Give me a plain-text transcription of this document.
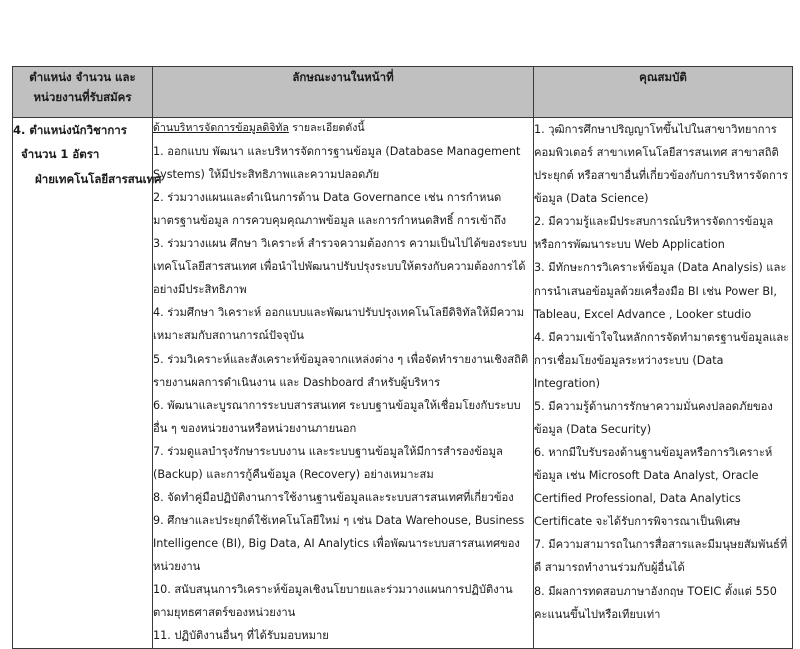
ตำแหน่ง จำนวน และ
หน่วยงานที่รับสมัคร	ลักษณะงานในหน้าที่	คุณสมบัติ

4. ตำแหน่งนักวิชาการ
จำนวน 1 อัตรา
ฝ่ายเทคโนโลยีสารสนเทศ

ด้านบริหารจัดการข้อมูลดิจิทัล รายละเอียดดังนี้
1. ออกแบบ พัฒนา และบริหารจัดการฐานข้อมูล (Database Management Systems) ให้มีประสิทธิภาพและความปลอดภัย
2. ร่วมวางแผนและดำเนินการด้าน Data Governance เช่น การกำหนดมาตรฐานข้อมูล การควบคุมคุณภาพข้อมูล และการกำหนดสิทธิ์ การเข้าถึง
3. ร่วมวางแผน ศึกษา วิเคราะห์ สำรวจความต้องการ ความเป็นไปได้ของระบบเทคโนโลยีสารสนเทศ เพื่อนำไปพัฒนาปรับปรุงระบบให้ตรงกับความต้องการได้อย่างมีประสิทธิภาพ
4. ร่วมศึกษา วิเคราะห์ ออกแบบและพัฒนาปรับปรุงเทคโนโลยีดิจิทัลให้มีความเหมาะสมกับสถานการณ์ปัจจุบัน
5. ร่วมวิเคราะห์และสังเคราะห์ข้อมูลจากแหล่งต่าง ๆ เพื่อจัดทำรายงานเชิงสถิติ รายงานผลการดำเนินงาน และ Dashboard สำหรับผู้บริหาร
6. พัฒนาและบูรณาการระบบสารสนเทศ ระบบฐานข้อมูลให้เชื่อมโยงกับระบบอื่น ๆ ของหน่วยงานหรือหน่วยงานภายนอก
7. ร่วมดูแลบำรุงรักษาระบบงาน และระบบฐานข้อมูลให้มีการสำรองข้อมูล (Backup) และการกู้คืนข้อมูล (Recovery) อย่างเหมาะสม
8. จัดทำคู่มือปฏิบัติงานการใช้งานฐานข้อมูลและระบบสารสนเทศที่เกี่ยวข้อง
9. ศึกษาและประยุกต์ใช้เทคโนโลยีใหม่ ๆ เช่น Data Warehouse, Business Intelligence (BI), Big Data, AI Analytics เพื่อพัฒนาระบบสารสนเทศของหน่วยงาน
10. สนับสนุนการวิเคราะห์ข้อมูลเชิงนโยบายและร่วมวางแผนการปฏิบัติงานตามยุทธศาสตร์ของหน่วยงาน
11. ปฏิบัติงานอื่นๆ ที่ได้รับมอบหมาย

1. วุฒิการศึกษาปริญญาโทขึ้นไปในสาขาวิทยาการคอมพิวเตอร์ สาขาเทคโนโลยีสารสนเทศ สาขาสถิติประยุกต์ หรือสาขาอื่นที่เกี่ยวข้องกับการบริหารจัดการข้อมูล (Data Science)
2. มีความรู้และมีประสบการณ์บริหารจัดการข้อมูลหรือการพัฒนาระบบ Web Application
3. มีทักษะการวิเคราะห์ข้อมูล (Data Analysis) และการนำเสนอข้อมูลด้วยเครื่องมือ BI เช่น Power BI, Tableau, Excel Advance , Looker studio
4. มีความเข้าใจในหลักการจัดทำมาตรฐานข้อมูลและการเชื่อมโยงข้อมูลระหว่างระบบ (Data Integration)
5. มีความรู้ด้านการรักษาความมั่นคงปลอดภัยของข้อมูล (Data Security)
6. หากมีใบรับรองด้านฐานข้อมูลหรือการวิเคราะห์ข้อมูล เช่น Microsoft Data Analyst, Oracle Certified Professional, Data Analytics Certificate จะได้รับการพิจารณาเป็นพิเศษ
7. มีความสามารถในการสื่อสารและมีมนุษยสัมพันธ์ที่ดี สามารถทำงานร่วมกับผู้อื่นได้
8. มีผลการทดสอบภาษาอังกฤษ TOEIC ตั้งแต่ 550 คะแนนขึ้นไปหรือเทียบเท่า
